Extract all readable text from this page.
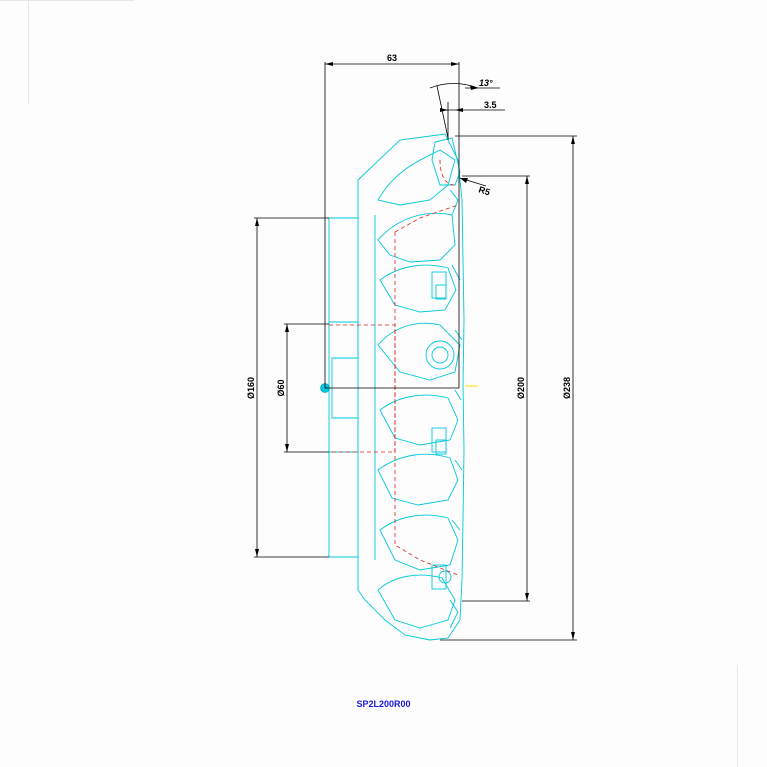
63
13°
3.5
R5
Ø160 Ø60	Ø200	Ø238
SP2L200R00
